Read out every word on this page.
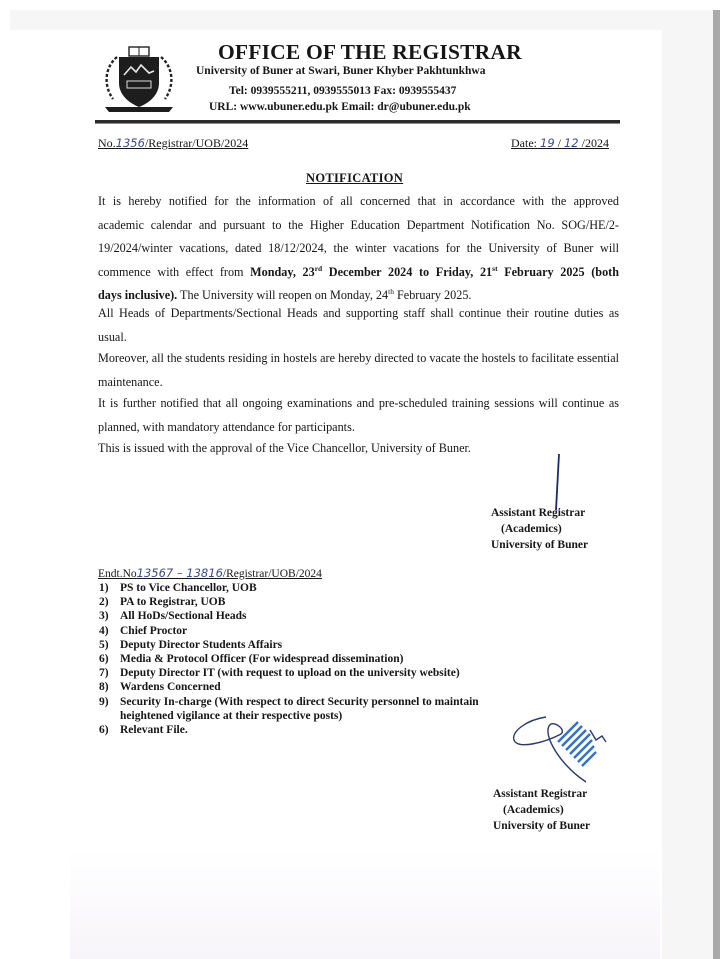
OFFICE OF THE REGISTRAR
University of Buner at Swari, Buner Khyber Pakhtunkhwa
Tel: 0939555211, 0939555013 Fax: 0939555437
URL: www.ubuner.edu.pk Email: dr@ubuner.edu.pk
No.1356/Registrar/UOB/2024	Date: 19 / 12 /2024
NOTIFICATION

It is hereby notified for the information of all concerned that in accordance with the approved
academic calendar and pursuant to the Higher Education Department Notification No. SOG/HE/2-
19/2024/winter vacations, dated 18/12/2024, the winter vacations for the University of Buner will
commence with effect from Monday, 23rd December 2024 to Friday, 21st February 2025 (both
days inclusive). The University will reopen on Monday, 24th February 2025.

All Heads of Departments/Sectional Heads and supporting staff shall continue their routine duties as usual.

Moreover, all the students residing in hostels are hereby directed to vacate the hostels to facilitate essential maintenance.

It is further notified that all ongoing examinations and pre-scheduled training sessions will continue as planned, with mandatory attendance for participants.

This is issued with the approval of the Vice Chancellor, University of Buner.

Assistant Registrar
(Academics)
University of Buner
Endt.No13567 – 13816/Registrar/UOB/2024
1) PS to Vice Chancellor, UOB
2) PA to Registrar, UOB
3) All HoDs/Sectional Heads
4) Chief Proctor
5) Deputy Director Students Affairs
6) Media & Protocol Officer (For widespread dissemination)
7) Deputy Director IT (with request to upload on the university website)
8) Wardens Concerned
9) Security In-charge (With respect to direct Security personnel to maintain
heightened vigilance at their respective posts)
6) Relevant File.
Assistant Registrar
(Academics)
University of Buner
